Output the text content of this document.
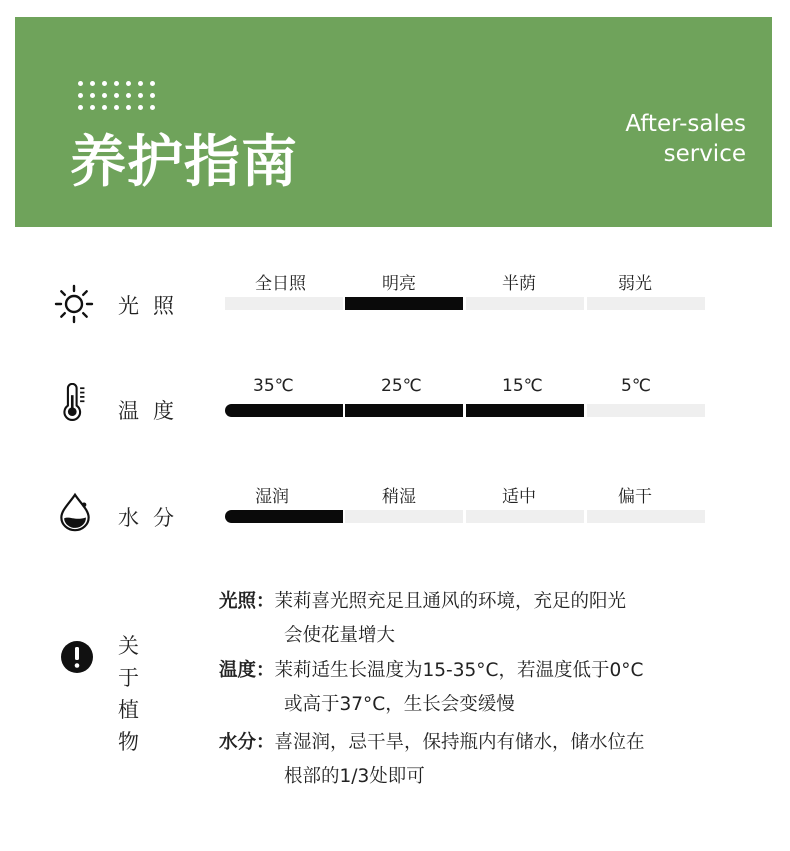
养护指南
After-sales
service
光照
全日照	明亮	半荫	弱光
温度
35℃	25℃	15℃	5℃
水分
湿润	稍湿	适中	偏干
关于
植物
光照：茉莉喜光照充足且通风的环境，充足的阳光
会使花量增大
温度：茉莉适生长温度为15-35°C，若温度低于0°C
或高于37°C，生长会变缓慢
水分：喜湿润，忌干旱，保持瓶内有储水，储水位在
根部的1/3处即可
